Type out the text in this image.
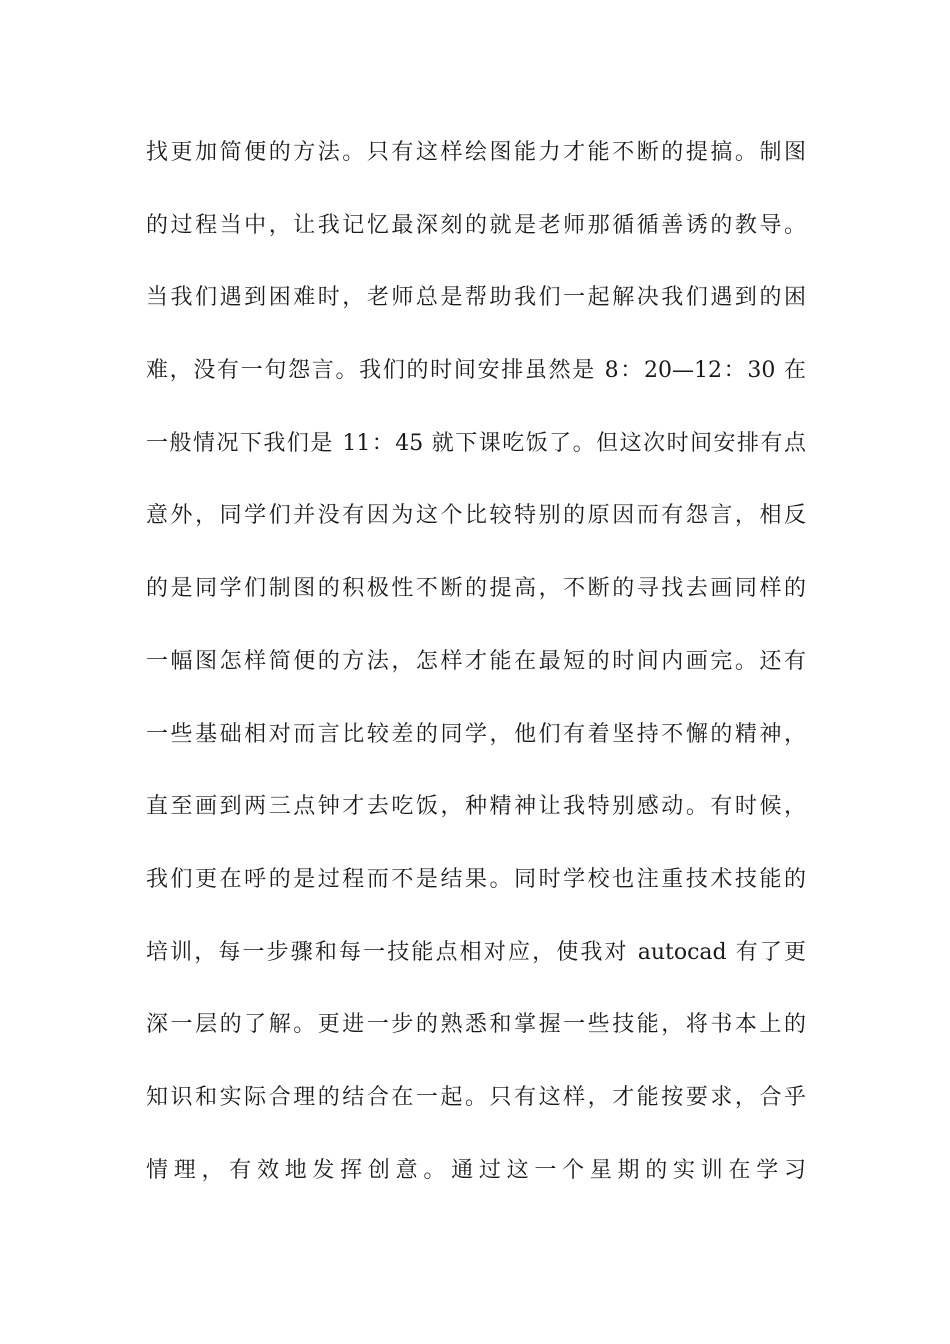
找更加简便的方法。只有这样绘图能力才能不断的提搞。制图
的过程当中，让我记忆最深刻的就是老师那循循善诱的教导。
当我们遇到困难时，老师总是帮助我们一起解决我们遇到的困
难，没有一句怨言。我们的时间安排虽然是 8：20—12：30 在
一般情况下我们是 11：45 就下课吃饭了。但这次时间安排有点
意外，同学们并没有因为这个比较特别的原因而有怨言，相反
的是同学们制图的积极性不断的提高，不断的寻找去画同样的
一幅图怎样简便的方法，怎样才能在最短的时间内画完。还有
一些基础相对而言比较差的同学，他们有着坚持不懈的精神，
直至画到两三点钟才去吃饭，种精神让我特别感动。有时候，
我们更在呼的是过程而不是结果。同时学校也注重技术技能的
培训，每一步骤和每一技能点相对应，使我对 autocad 有了更
深一层的了解。更进一步的熟悉和掌握一些技能，将书本上的
知识和实际合理的结合在一起。只有这样，才能按要求，合乎
情理，有效地发挥创意。通过这一个星期的实训在学习
